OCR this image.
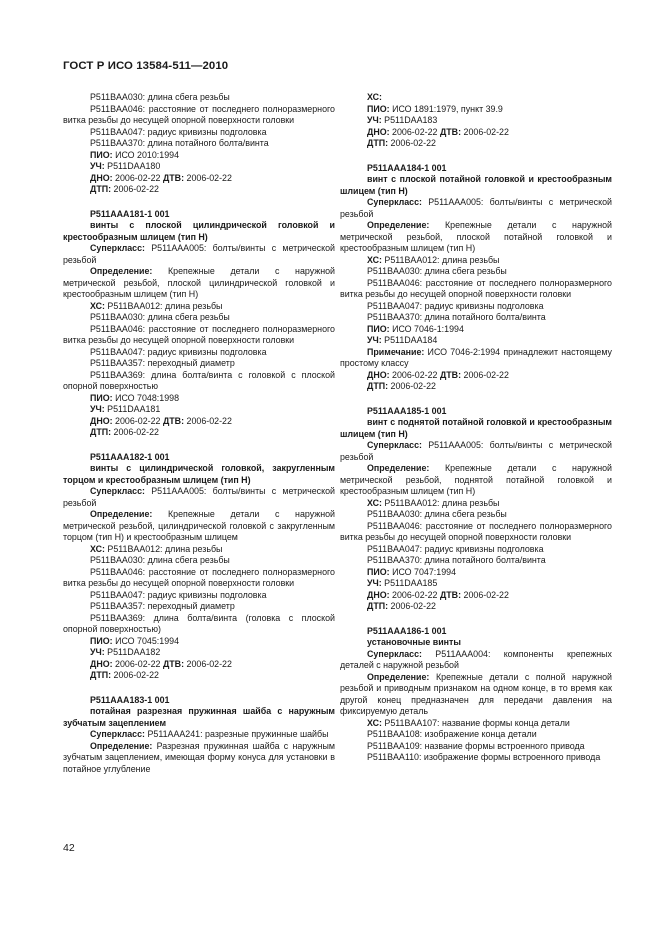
ГОСТ Р ИСО 13584-511—2010

P511BAA030: длина сбега резьбы

P511BAA046: расстояние от последнего полноразмерного витка резьбы до несущей опорной поверхности головки

P511BAA047: радиус кривизны подголовка

P511BAA370: длина потайного болта/винта

ПИО: ИСО 2010:1994

УЧ: P511DAA180

ДНО: 2006-02-22 ДТВ: 2006-02-22

ДТП: 2006-02-22

P511AAA181-1 001

винты с плоской цилиндрической головкой и крестообразным шлицем (тип H)

Суперкласс: P511AAA005: болты/винты с метрической резьбой

Определение: Крепежные детали с наружной метрической резьбой, плоской цилиндрической головкой и крестообразным шлицем (тип H)

ХС: P511BAA012: длина резьбы

P511BAA030: длина сбега резьбы

P511BAA046: расстояние от последнего полноразмерного витка резьбы до несущей опорной поверхности головки

P511BAA047: радиус кривизны подголовка

P511BAA357: переходный диаметр

P511BAA369: длина болта/винта с головкой с плоской опорной поверхностью

ПИО: ИСО 7048:1998

УЧ: P511DAA181

ДНО: 2006-02-22 ДТВ: 2006-02-22

ДТП: 2006-02-22

P511AAA182-1 001

винты с цилиндрической головкой, закругленным торцом и крестообразным шлицем (тип H)

Суперкласс: P511AAA005: болты/винты с метрической резьбой

Определение: Крепежные детали с наружной метрической резьбой, цилиндрической головкой с закругленным торцом (тип H) и крестообразным шлицем

ХС: P511BAA012: длина резьбы

P511BAA030: длина сбега резьбы

P511BAA046: расстояние от последнего полноразмерного витка резьбы до несущей опорной поверхности головки

P511BAA047: радиус кривизны подголовка

P511BAA357: переходный диаметр

P511BAA369: длина болта/винта (головка с плоской опорной поверхностью)

ПИО: ИСО 7045:1994

УЧ: P511DAA182

ДНО: 2006-02-22 ДТВ: 2006-02-22

ДТП: 2006-02-22

P511AAA183-1 001

потайная разрезная пружинная шайба с наружным зубчатым зацеплением

Суперкласс: P511AAA241: разрезные пружинные шайбы

Определение: Разрезная пружинная шайба с наружным зубчатым зацеплением, имеющая форму конуса для установки в потайное углубление

ХС:

ПИО: ИСО 1891:1979, пункт 39.9

УЧ: P511DAA183

ДНО: 2006-02-22 ДТВ: 2006-02-22

ДТП: 2006-02-22

P511AAA184-1 001

винт с плоской потайной головкой и крестообразным шлицем (тип H)

Суперкласс: P511AAA005: болты/винты с метрической резьбой

Определение: Крепежные детали с наружной метрической резьбой, плоской потайной головкой и крестообразным шлицем (тип H)

ХС: P511BAA012: длина резьбы

P511BAA030: длина сбега резьбы

P511BAA046: расстояние от последнего полноразмерного витка резьбы до несущей опорной поверхности головки

P511BAA047: радиус кривизны подголовка

P511BAA370: длина потайного болта/винта

ПИО: ИСО 7046-1:1994

УЧ: P511DAA184

Примечание: ИСО 7046-2:1994 принадлежит настоящему простому классу

ДНО: 2006-02-22 ДТВ: 2006-02-22

ДТП: 2006-02-22

P511AAA185-1 001

винт с поднятой потайной головкой и крестообразным шлицем (тип H)

Суперкласс: P511AAA005: болты/винты с метрической резьбой

Определение: Крепежные детали с наружной метрической резьбой, поднятой потайной головкой и крестообразным шлицем (тип H)

ХС: P511BAA012: длина резьбы

P511BAA030: длина сбега резьбы

P511BAA046: расстояние от последнего полноразмерного витка резьбы до несущей опорной поверхности головки

P511BAA047: радиус кривизны подголовка

P511BAA370: длина потайного болта/винта

ПИО: ИСО 7047:1994

УЧ: P511DAA185

ДНО: 2006-02-22 ДТВ: 2006-02-22

ДТП: 2006-02-22

P511AAA186-1 001

установочные винты

Суперкласс: P511AAA004: компоненты крепежных деталей с наружной резьбой

Определение: Крепежные детали с полной наружной резьбой и приводным признаком на одном конце, в то время как другой конец предназначен для передачи давления на фиксируемую деталь

ХС: P511BAA107: название формы конца детали

P511BAA108: изображение конца детали

P511BAA109: название формы встроенного привода

P511BAA110: изображение формы встроенного привода

42
